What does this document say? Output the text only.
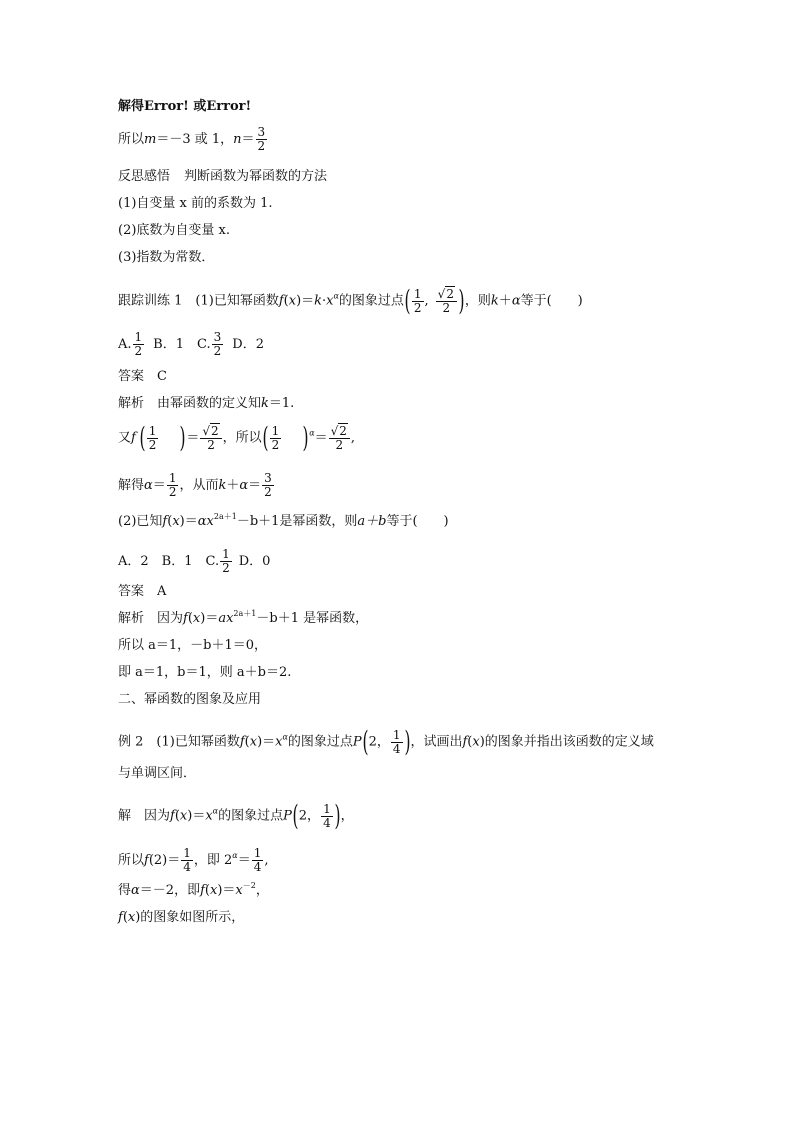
解得Error! 或Error!
所以m＝－3 或 1，$n= \frac{3}{2}$
反思感悟 判断函数为幂函数的方法
(1)自变量 x 前的系数为 1.
(2)底数为自变量 x.
(3)指数为常数．
跟踪训练 1　(1)已知幂函数$f(x)=k\cdot x^\alpha$的图象过点( $\frac{1}{2}$ , $\frac{√2}{2}$ )，则k＋α等于(　　)
A. $\frac{1}{2}$ B．1　C. $\frac{3}{2}$ D．2
答案　C
解析　由幂函数的定义知k＝1.
又f ( $\frac{1}{2}$ )＝ $\frac{√2}{2}$ ，所以( $\frac{1}{2} )^\alpha= \frac{√2}{2}$ ,
解得$\alpha= \frac{1}{2}$ ，从而$k+\alpha= \frac{3}{2}$
(2)已知$f(x)=\alpha x^{2a+1}-b+1$是幂函数，则a＋b等于(　　)
A．2　B．1　C. $\frac{1}{2}$ D．0
答案　A
解析　因为$f(x)=ax^{2a+1}-b+1$ 是幂函数，
所以 a＝1，－b＋1＝0，
即 a＝1，b＝1，则 a＋b＝2.
二、幂函数的图象及应用
例 2　(1)已知幂函数$f(x)=x^\alpha$的图象过点P(2， $\frac{1}{4}$ )，试画出f(x)的图象并指出该函数的定义域
与单调区间．
解　因为$f(x)=x^\alpha$的图象过点P(2， $\frac{1}{4}$ )，
所以$f(2)= \frac{1}{4}$ ，即 $2^\alpha= \frac{1}{4}$ ,
得α＝－2，即$f(x)=x^{-2}$，
f(x)的图象如图所示，
